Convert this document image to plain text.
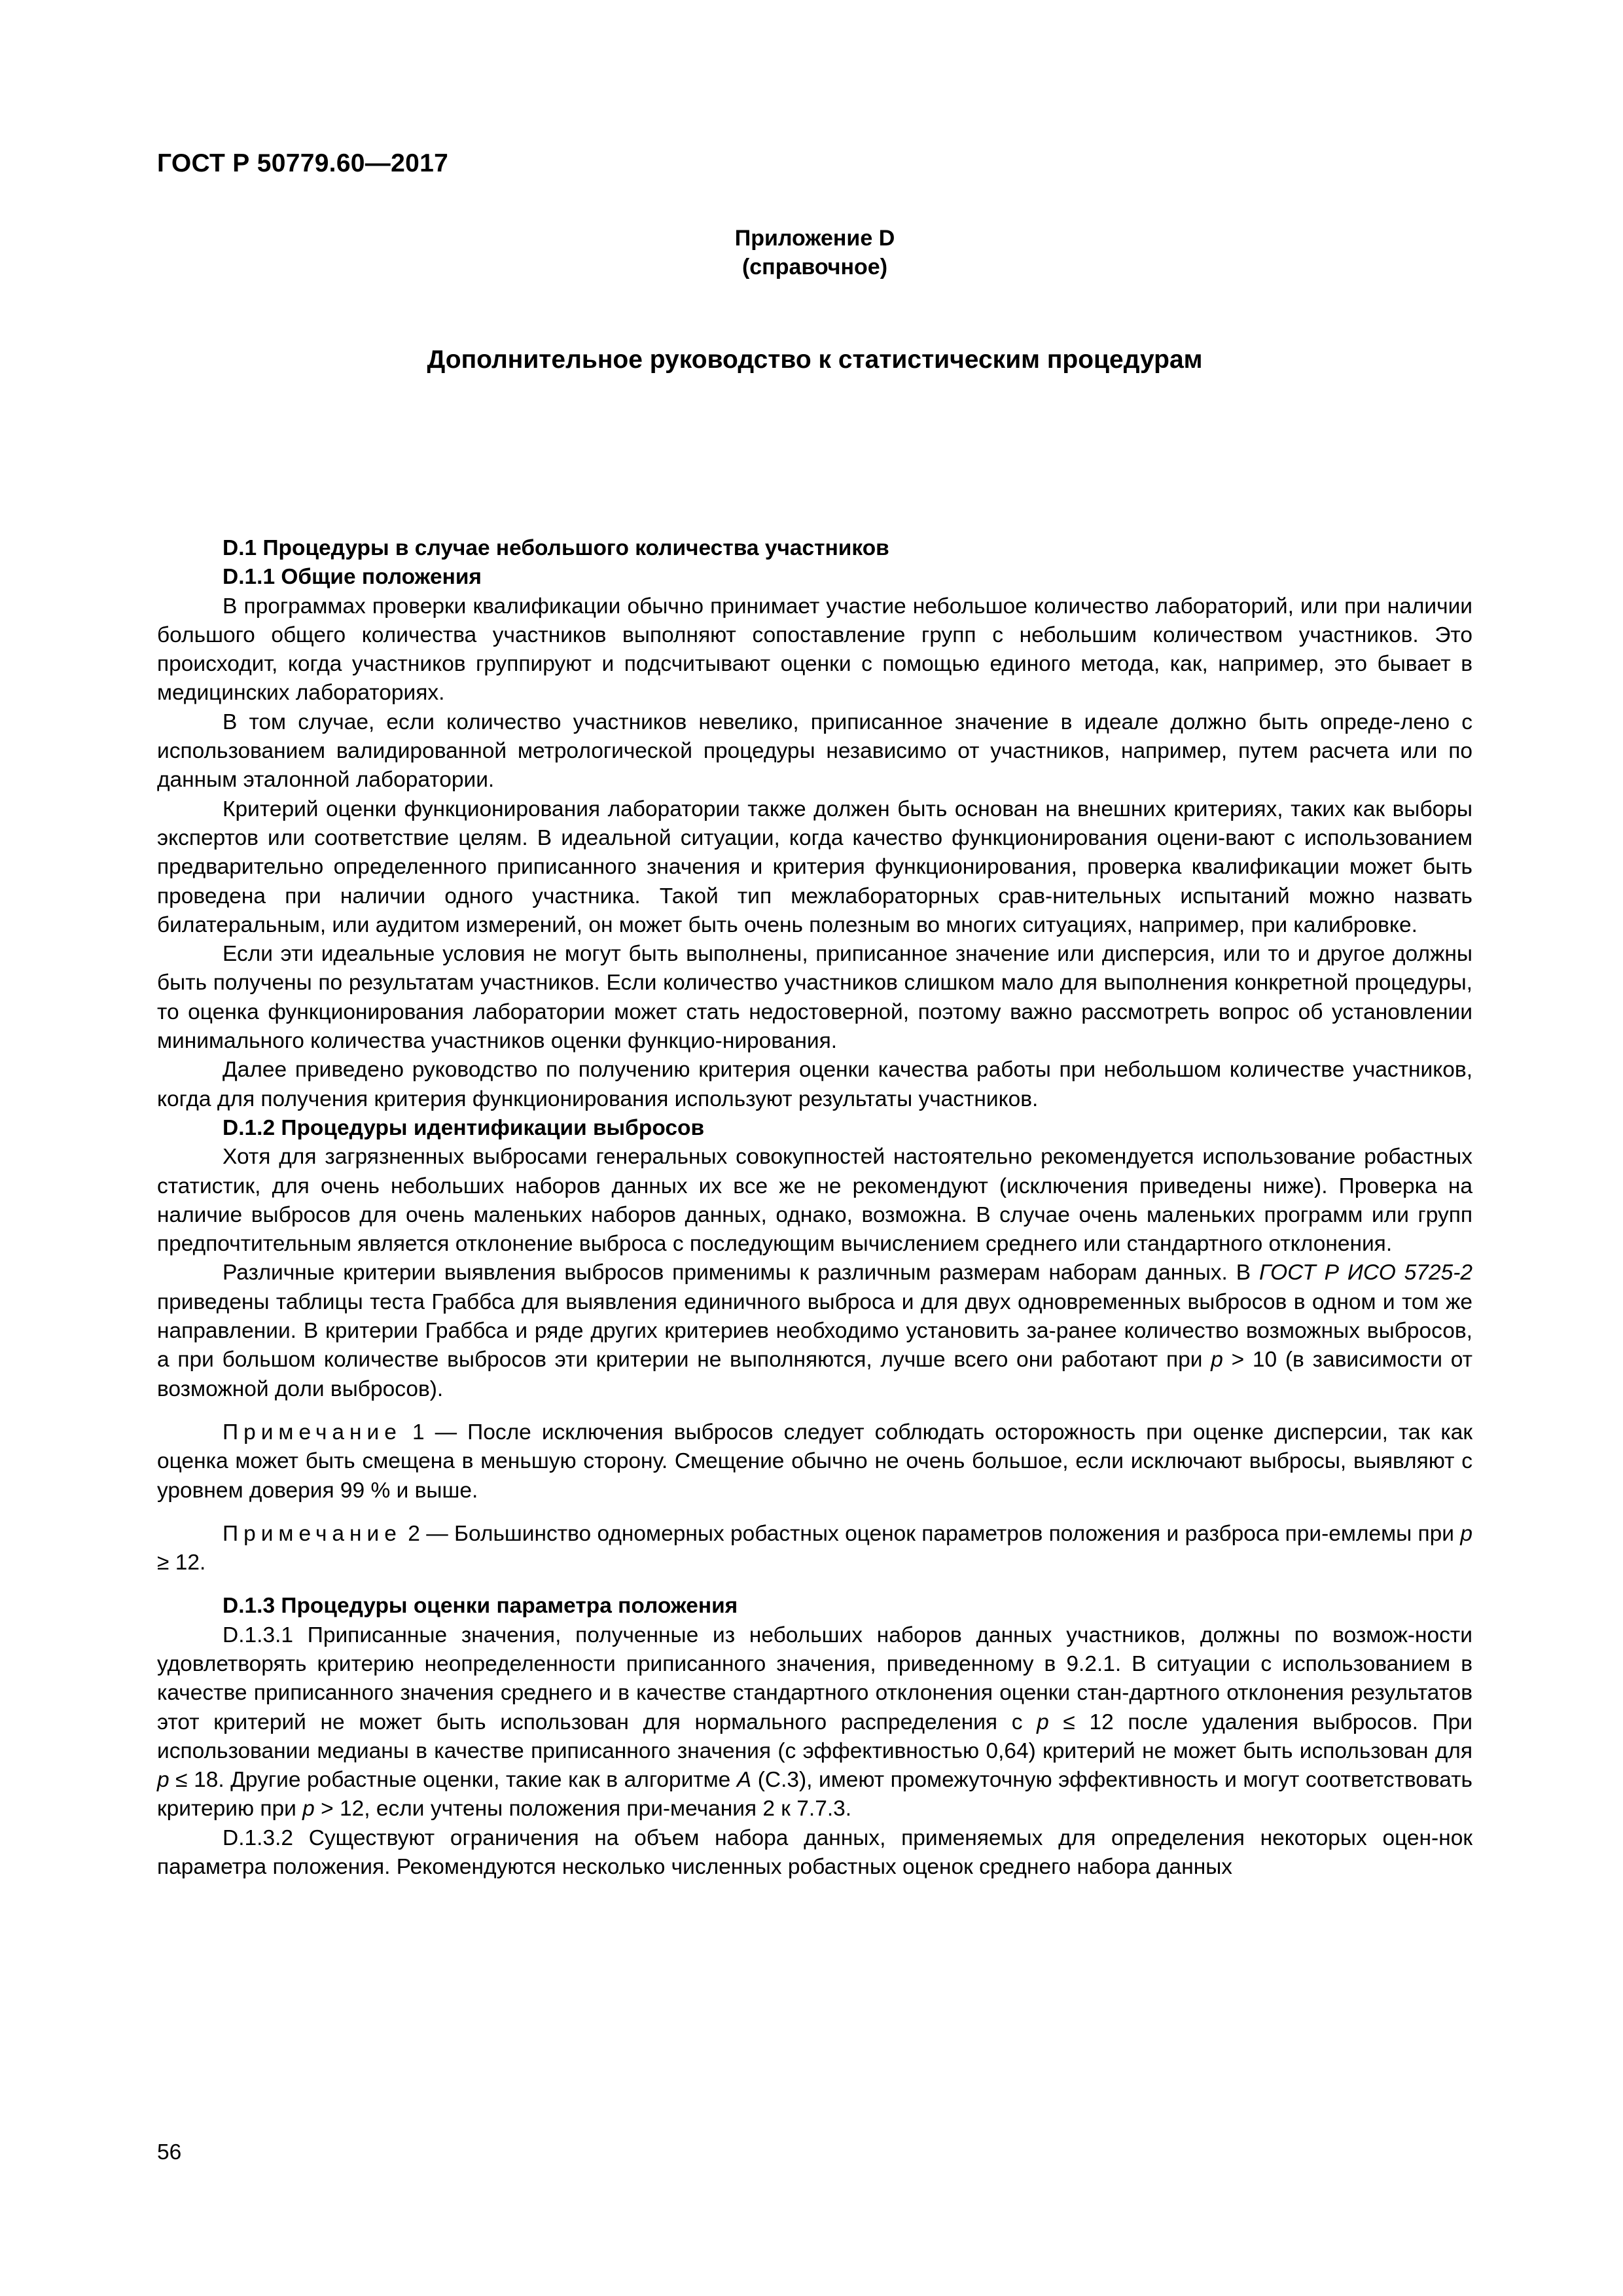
ГОСТ Р 50779.60—2017
Приложение D
(справочное)
Дополнительное руководство к статистическим процедурам

D.1 Процедуры в случае небольшого количества участников

D.1.1 Общие положения

В программах проверки квалификации обычно принимает участие небольшое количество лабораторий, или при наличии большого общего количества участников выполняют сопоставление групп с небольшим количеством участников. Это происходит, когда участников группируют и подсчитывают оценки с помощью единого метода, как, например, это бывает в медицинских лабораториях.

В том случае, если количество участников невелико, приписанное значение в идеале должно быть опреде-лено с использованием валидированной метрологической процедуры независимо от участников, например, путем расчета или по данным эталонной лаборатории.

Критерий оценки функционирования лаборатории также должен быть основан на внешних критериях, таких как выборы экспертов или соответствие целям. В идеальной ситуации, когда качество функционирования оцени-вают с использованием предварительно определенного приписанного значения и критерия функционирования, проверка квалификации может быть проведена при наличии одного участника. Такой тип межлабораторных срав-нительных испытаний можно назвать билатеральным, или аудитом измерений, он может быть очень полезным во многих ситуациях, например, при калибровке.

Если эти идеальные условия не могут быть выполнены, приписанное значение или дисперсия, или то и другое должны быть получены по результатам участников. Если количество участников слишком мало для выполнения конкретной процедуры, то оценка функционирования лаборатории может стать недостоверной, поэтому важно рассмотреть вопрос об установлении минимального количества участников оценки функцио-нирования.

Далее приведено руководство по получению критерия оценки качества работы при небольшом количестве участников, когда для получения критерия функционирования используют результаты участников.

D.1.2 Процедуры идентификации выбросов

Хотя для загрязненных выбросами генеральных совокупностей настоятельно рекомендуется использование робастных статистик, для очень небольших наборов данных их все же не рекомендуют (исключения приведены ниже). Проверка на наличие выбросов для очень маленьких наборов данных, однако, возможна. В случае очень маленьких программ или групп предпочтительным является отклонение выброса с последующим вычислением среднего или стандартного отклонения.

Различные критерии выявления выбросов применимы к различным размерам наборам данных. В ГОСТ Р ИСО 5725-2 приведены таблицы теста Граббса для выявления единичного выброса и для двух одновременных выбросов в одном и том же направлении. В критерии Граббса и ряде других критериев необходимо установить за-ранее количество возможных выбросов, а при большом количестве выбросов эти критерии не выполняются, лучше всего они работают при p > 10 (в зависимости от возможной доли выбросов).

Примечание 1 — После исключения выбросов следует соблюдать осторожность при оценке дисперсии, так как оценка может быть смещена в меньшую сторону. Смещение обычно не очень большое, если исключают выбросы, выявляют с уровнем доверия 99 % и выше.

Примечание 2 — Большинство одномерных робастных оценок параметров положения и разброса при-емлемы при p ≥ 12.

D.1.3 Процедуры оценки параметра положения

D.1.3.1 Приписанные значения, полученные из небольших наборов данных участников, должны по возмож-ности удовлетворять критерию неопределенности приписанного значения, приведенному в 9.2.1. В ситуации с использованием в качестве приписанного значения среднего и в качестве стандартного отклонения оценки стан-дартного отклонения результатов этот критерий не может быть использован для нормального распределения с p ≤ 12 после удаления выбросов. При использовании медианы в качестве приписанного значения (с эффективностью 0,64) критерий не может быть использован для p ≤ 18. Другие робастные оценки, такие как в алгоритме A (С.3), имеют промежуточную эффективность и могут соответствовать критерию при p > 12, если учтены положения при-мечания 2 к 7.7.3.

D.1.3.2 Существуют ограничения на объем набора данных, применяемых для определения некоторых оцен-нок параметра положения. Рекомендуются несколько численных робастных оценок среднего набора данных

56
